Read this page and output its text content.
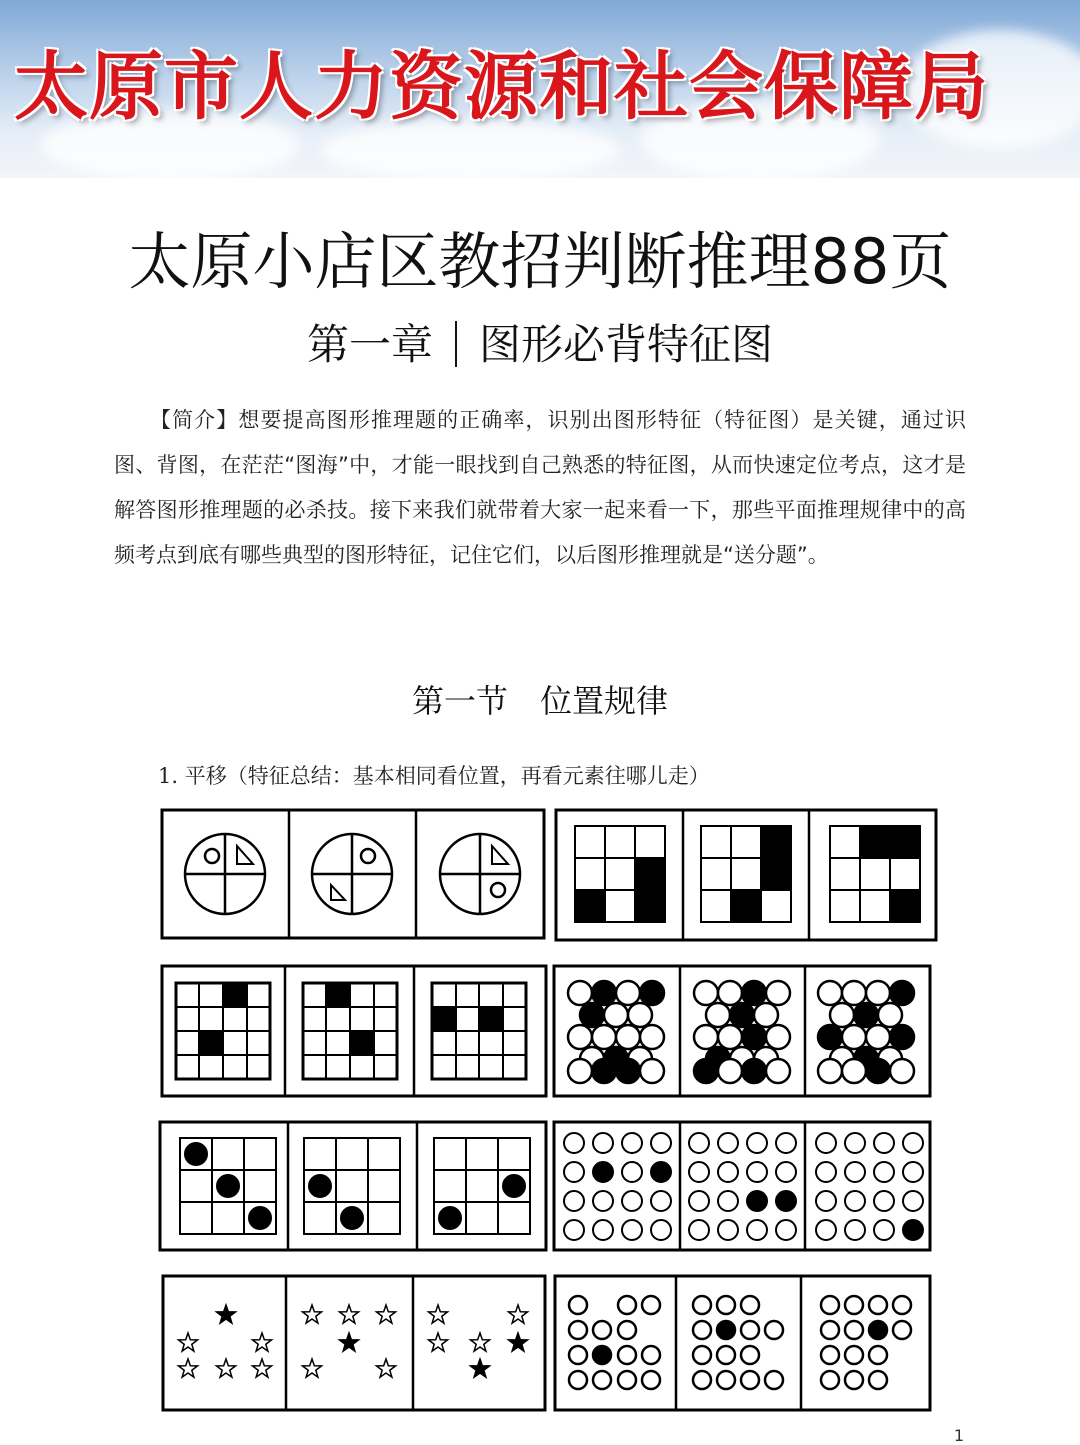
太原市人力资源和社会保障局
太原小店区教招判断推理88页
第一章 图形必背特征图

【简介】想要提高图形推理题的正确率，识别出图形特征（特征图）是关键，通过识图、背图，在茫茫“图海”中，才能一眼找到自己熟悉的特征图，从而快速定位考点，这才是解答图形推理题的必杀技。接下来我们就带着大家一起来看一下，那些平面推理规律中的高频考点到底有哪些典型的图形特征，记住它们，以后图形推理就是“送分题”。

第一节　位置规律
1. 平移（特征总结：基本相同看位置，再看元素往哪儿走）
1
